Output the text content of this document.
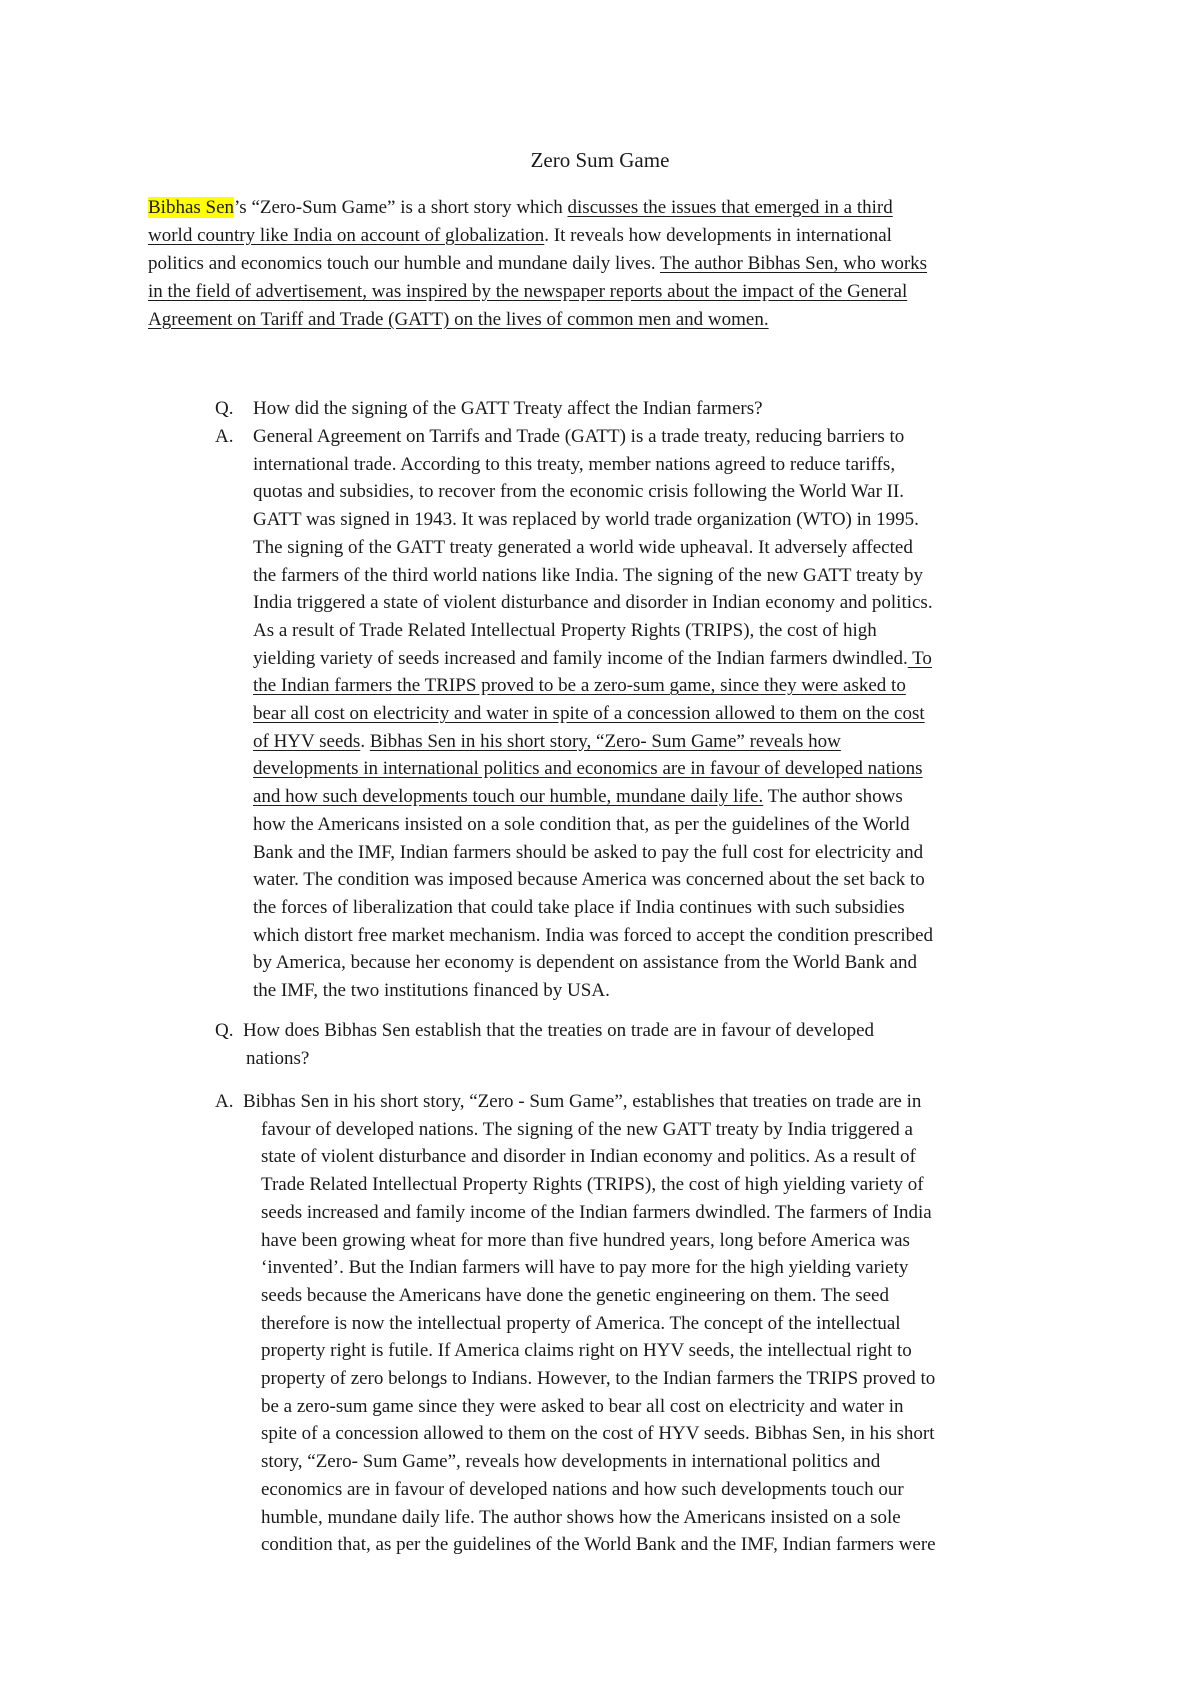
Zero Sum Game
Bibhas Sen’s “Zero-Sum Game” is a short story which discusses the issues that emerged in a third
world country like India on account of globalization. It reveals how developments in international
politics and economics touch our humble and mundane daily lives. The author Bibhas Sen, who works
in the field of advertisement, was inspired by the newspaper reports about the impact of the General
Agreement on Tariff and Trade (GATT) on the lives of common men and women.
Q. How did the signing of the GATT Treaty affect the Indian farmers?
A. General Agreement on Tarrifs and Trade (GATT) is a trade treaty, reducing barriers to
international trade. According to this treaty, member nations agreed to reduce tariffs,
quotas and subsidies, to recover from the economic crisis following the World War II.
GATT was signed in 1943. It was replaced by world trade organization (WTO) in 1995.
The signing of the GATT treaty generated a world wide upheaval. It adversely affected
the farmers of the third world nations like India. The signing of the new GATT treaty by
India triggered a state of violent disturbance and disorder in Indian economy and politics.
As a result of Trade Related Intellectual Property Rights (TRIPS), the cost of high
yielding variety of seeds increased and family income of the Indian farmers dwindled. To
the Indian farmers the TRIPS proved to be a zero-sum game, since they were asked to
bear all cost on electricity and water in spite of a concession allowed to them on the cost
of HYV seeds. Bibhas Sen in his short story, “Zero- Sum Game” reveals how
developments in international politics and economics are in favour of developed nations
and how such developments touch our humble, mundane daily life. The author shows
how the Americans insisted on a sole condition that, as per the guidelines of the World
Bank and the IMF, Indian farmers should be asked to pay the full cost for electricity and
water. The condition was imposed because America was concerned about the set back to
the forces of liberalization that could take place if India continues with such subsidies
which distort free market mechanism. India was forced to accept the condition prescribed
by America, because her economy is dependent on assistance from the World Bank and
the IMF, the two institutions financed by USA.
Q. How does Bibhas Sen establish that the treaties on trade are in favour of developed
nations?
A. Bibhas Sen in his short story, “Zero - Sum Game”, establishes that treaties on trade are in
favour of developed nations. The signing of the new GATT treaty by India triggered a
state of violent disturbance and disorder in Indian economy and politics. As a result of
Trade Related Intellectual Property Rights (TRIPS), the cost of high yielding variety of
seeds increased and family income of the Indian farmers dwindled. The farmers of India
have been growing wheat for more than five hundred years, long before America was
‘invented’. But the Indian farmers will have to pay more for the high yielding variety
seeds because the Americans have done the genetic engineering on them. The seed
therefore is now the intellectual property of America. The concept of the intellectual
property right is futile. If America claims right on HYV seeds, the intellectual right to
property of zero belongs to Indians. However, to the Indian farmers the TRIPS proved to
be a zero-sum game since they were asked to bear all cost on electricity and water in
spite of a concession allowed to them on the cost of HYV seeds. Bibhas Sen, in his short
story, “Zero- Sum Game”, reveals how developments in international politics and
economics are in favour of developed nations and how such developments touch our
humble, mundane daily life. The author shows how the Americans insisted on a sole
condition that, as per the guidelines of the World Bank and the IMF, Indian farmers were
